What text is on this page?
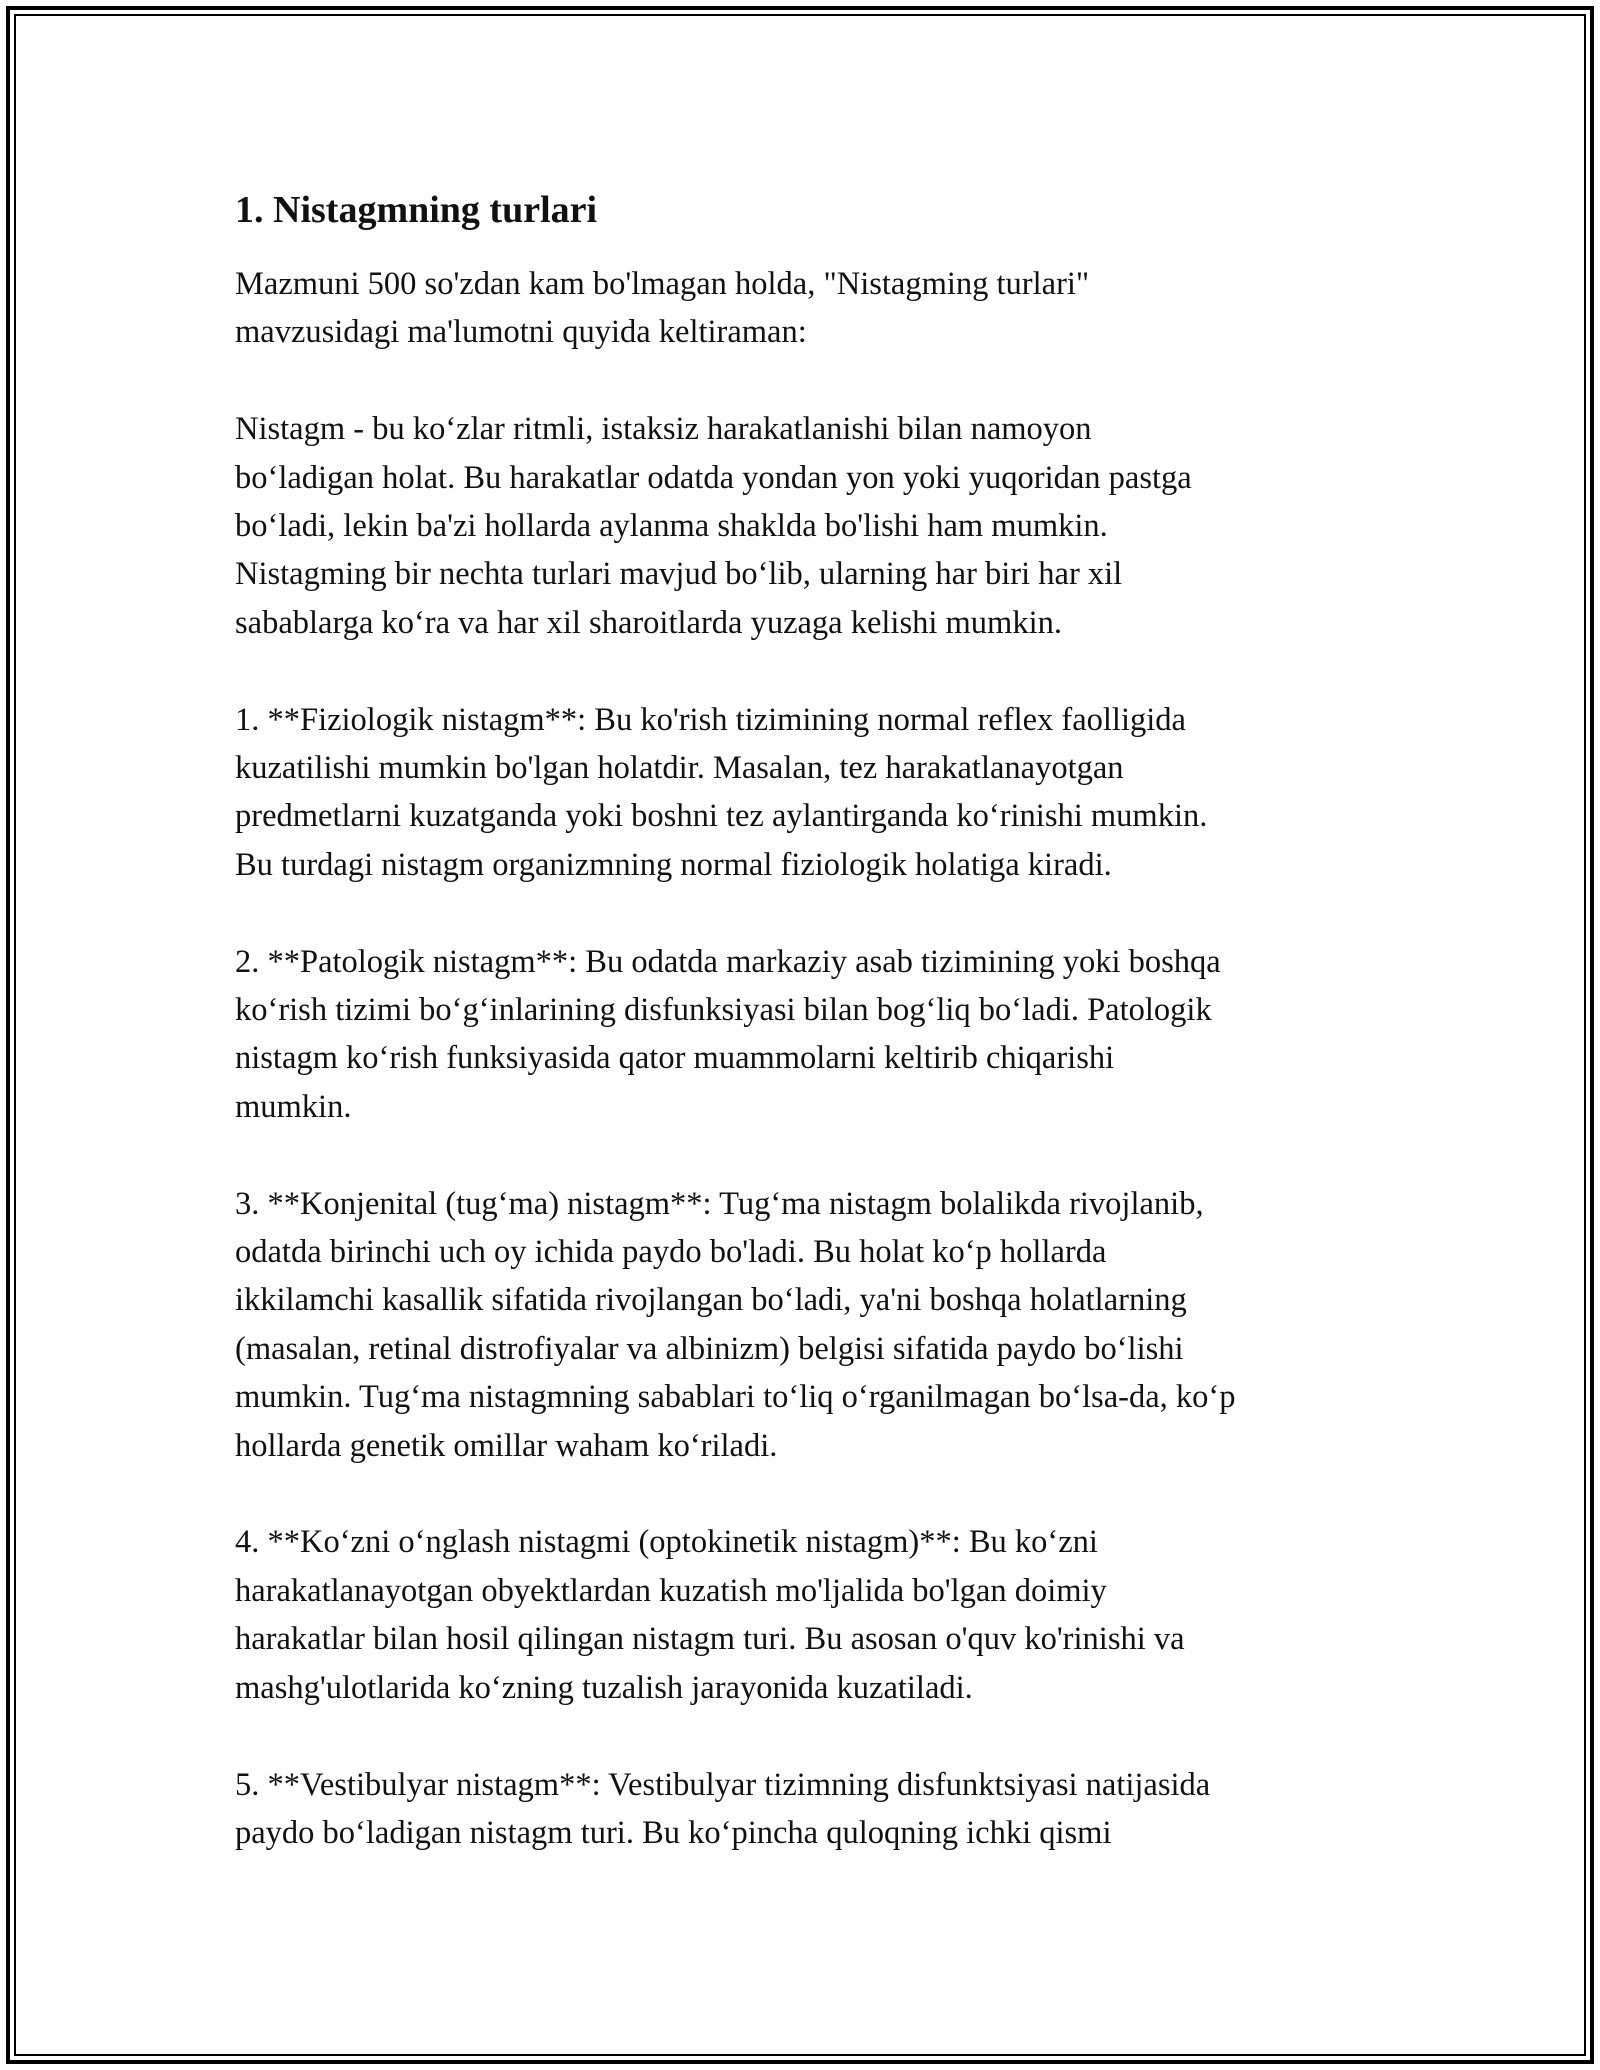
1. Nistagmning turlari

Mazmuni 500 so'zdan kam bo'lmagan holda, "Nistagming turlari"
mavzusidagi ma'lumotni quyida keltiraman:

Nistagm - bu ko‘zlar ritmli, istaksiz harakatlanishi bilan namoyon
bo‘ladigan holat. Bu harakatlar odatda yondan yon yoki yuqoridan pastga
bo‘ladi, lekin ba'zi hollarda aylanma shaklda bo'lishi ham mumkin.
Nistagming bir nechta turlari mavjud bo‘lib, ularning har biri har xil
sabablarga ko‘ra va har xil sharoitlarda yuzaga kelishi mumkin.

1. **Fiziologik nistagm**: Bu ko'rish tizimining normal reflex faolligida
kuzatilishi mumkin bo'lgan holatdir. Masalan, tez harakatlanayotgan
predmetlarni kuzatganda yoki boshni tez aylantirganda ko‘rinishi mumkin.
Bu turdagi nistagm organizmning normal fiziologik holatiga kiradi.

2. **Patologik nistagm**: Bu odatda markaziy asab tizimining yoki boshqa
ko‘rish tizimi bo‘g‘inlarining disfunksiyasi bilan bog‘liq bo‘ladi. Patologik
nistagm ko‘rish funksiyasida qator muammolarni keltirib chiqarishi
mumkin.

3. **Konjenital (tug‘ma) nistagm**: Tug‘ma nistagm bolalikda rivojlanib,
odatda birinchi uch oy ichida paydo bo'ladi. Bu holat ko‘p hollarda
ikkilamchi kasallik sifatida rivojlangan bo‘ladi, ya'ni boshqa holatlarning
(masalan, retinal distrofiyalar va albinizm) belgisi sifatida paydo bo‘lishi
mumkin. Tug‘ma nistagmning sabablari to‘liq o‘rganilmagan bo‘lsa-da, ko‘p
hollarda genetik omillar waham ko‘riladi.

4. **Ko‘zni o‘nglash nistagmi (optokinetik nistagm)**: Bu ko‘zni
harakatlanayotgan obyektlardan kuzatish mo'ljalida bo'lgan doimiy
harakatlar bilan hosil qilingan nistagm turi. Bu asosan o'quv ko'rinishi va
mashg'ulotlarida ko‘zning tuzalish jarayonida kuzatiladi.

5. **Vestibulyar nistagm**: Vestibulyar tizimning disfunktsiyasi natijasida
paydo bo‘ladigan nistagm turi. Bu ko‘pincha quloqning ichki qismi
